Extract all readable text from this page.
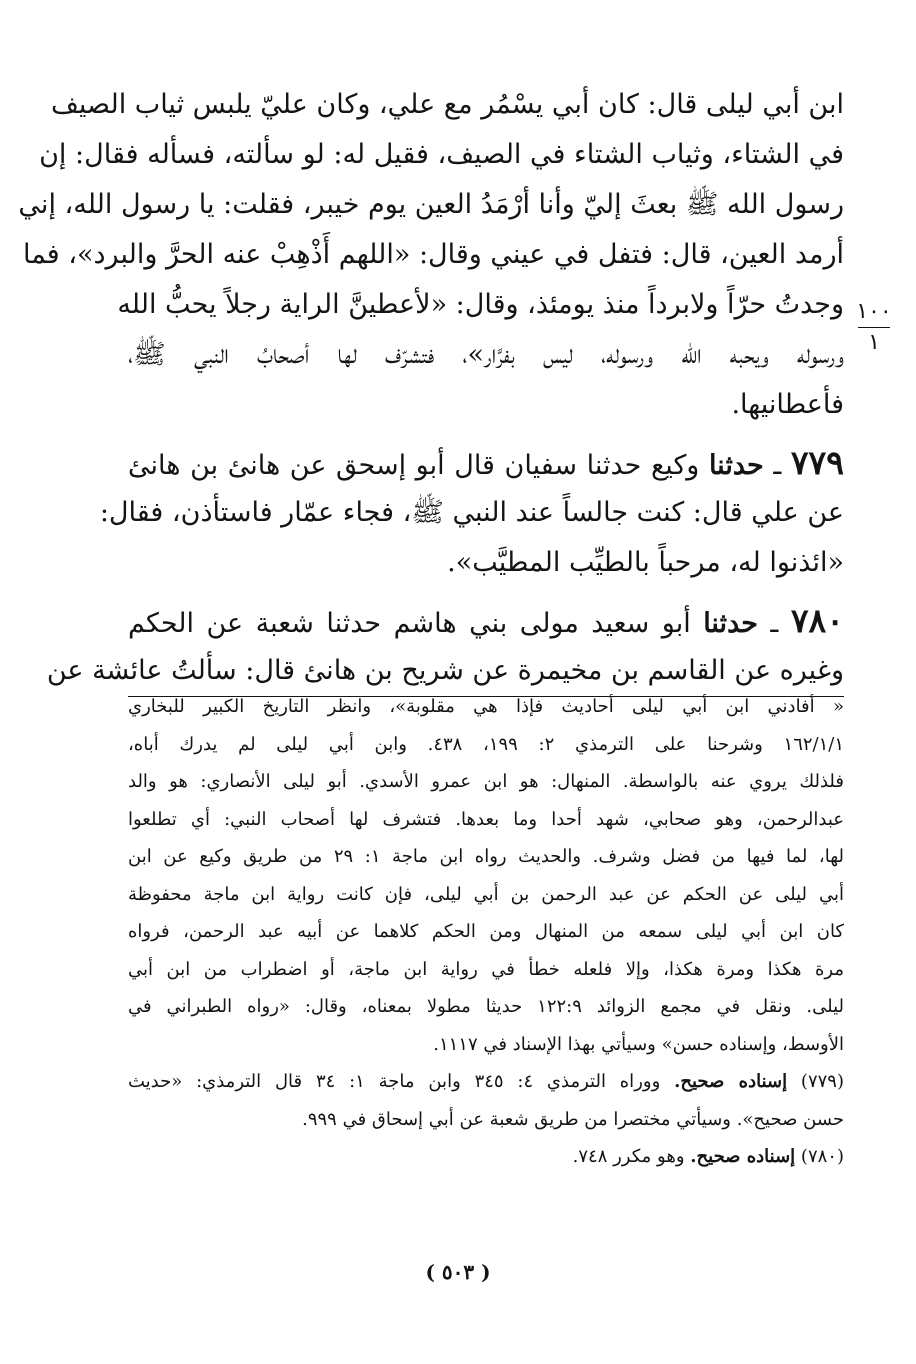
ابن أبي ليلى قال: كان أبي يسْمُر مع علي، وكان عليّ يلبس ثياب الصيف
في الشتاء، وثياب الشتاء في الصيف، فقيل له: لو سألته، فسأله فقال: إن
رسول الله ﷺ بعثَ إليّ وأنا أرْمَدُ العين يوم خيبر، فقلت: يا رسول الله، إني
أرمد العين، قال: فتفل في عيني وقال: «اللهم أَذْهِبْ عنه الحرَّ والبرد»، فما
وجدتُ حرّاً ولابرداً منذ يومئذ، وقال: «لأعطينَّ الراية رجلاً يحبُّ الله
ورسوله ويحبه الله ورسوله، ليس بفرَّار»، فتشرّف لها أصحابُ النبي ﷺ،
فأعطانيها.
٧٧٩ ـ حدثنا وكيع حدثنا سفيان قال أبو إسحق عن هانئ بن هانئ
عن علي قال: كنت جالساً عند النبي ﷺ، فجاء عمّار فاستأذن، فقال:
«ائذنوا له، مرحباً بالطيِّب المطيَّب».
٧٨٠ ـ حدثنا أبو سعيد مولى بني هاشم حدثنا شعبة عن الحكم
وغيره عن القاسم بن مخيمرة عن شريح بن هانئ قال: سألتُ عائشة عن
١٠٠
١
« أفادني ابن أبي ليلى أحاديث فإذا هي مقلوبة»، وانظر التاريخ الكبير للبخاري
١٦٢/١/١ وشرحنا على الترمذي ٢: ١٩٩، ٤٣٨. وابن أبي ليلى لم يدرك أباه،
فلذلك يروي عنه بالواسطة. المنهال: هو ابن عمرو الأسدي. أبو ليلى الأنصاري: هو والد
عبدالرحمن، وهو صحابي، شهد أحدا وما بعدها. فتشرف لها أصحاب النبي: أي تطلعوا
لها، لما فيها من فضل وشرف. والحديث رواه ابن ماجة ١: ٢٩ من طريق وكيع عن ابن
أبي ليلى عن الحكم عن عبد الرحمن بن أبي ليلى، فإن كانت رواية ابن ماجة محفوظة
كان ابن أبي ليلى سمعه من المنهال ومن الحكم كلاهما عن أبيه عبد الرحمن، فرواه
مرة هكذا ومرة هكذا، وإلا فلعله خطأ في رواية ابن ماجة، أو اضطراب من ابن أبي
ليلى. ونقل في مجمع الزوائد ١٢٢:٩ حديثا مطولا بمعناه، وقال: «رواه الطبراني في
الأوسط، وإسناده حسن» وسيأتي بهذا الإسناد في ١١١٧.
(٧٧٩) إسناده صحيح. ووراه الترمذي ٤: ٣٤٥ وابن ماجة ١: ٣٤ قال الترمذي: «حديث
حسن صحيح». وسيأتي مختصرا من طريق شعبة عن أبي إسحاق في ٩٩٩.
(٧٨٠) إسناده صحيح. وهو مكرر ٧٤٨.
( ٥٠٣ )
